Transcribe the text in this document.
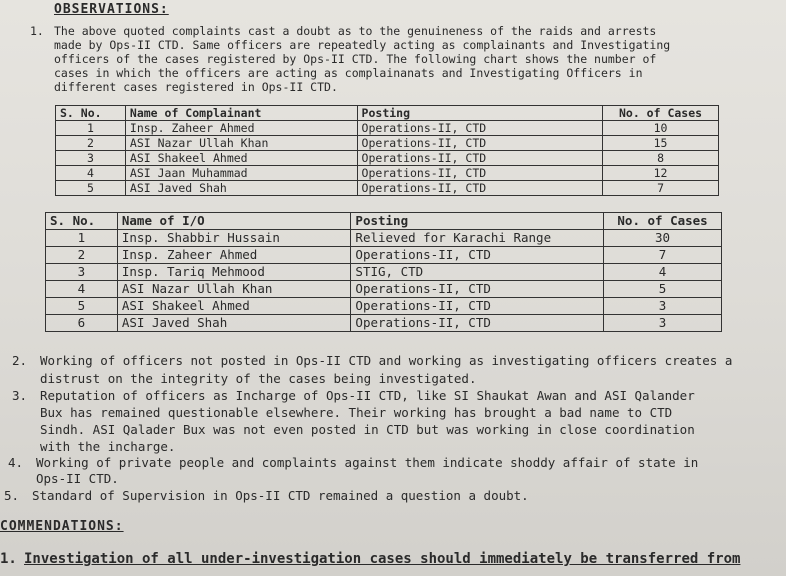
OBSERVATIONS:
1. The above quoted complaints cast a doubt as to the genuineness of the raids and arrests
made by Ops-II CTD. Same officers are repeatedly acting as complainants and Investigating
officers of the cases registered by Ops-II CTD. The following chart shows the number of
cases in which the officers are acting as complainanats and Investigating Officers in
different cases registered in Ops-II CTD.
S. No.	Name of Complainant	Posting	No. of Cases
1	Insp. Zaheer Ahmed	Operations-II, CTD	10
2	ASI Nazar Ullah Khan	Operations-II, CTD	15
3	ASI Shakeel Ahmed	Operations-II, CTD	8
4	ASI Jaan Muhammad	Operations-II, CTD	12
5	ASI Javed Shah	Operations-II, CTD	7
S. No.	Name of I/O	Posting	No. of Cases
1	Insp. Shabbir Hussain	Relieved for Karachi Range	30
2	Insp. Zaheer Ahmed	Operations-II, CTD	7
3	Insp. Tariq Mehmood	STIG, CTD	4
4	ASI Nazar Ullah Khan	Operations-II, CTD	5
5	ASI Shakeel Ahmed	Operations-II, CTD	3
6	ASI Javed Shah	Operations-II, CTD	3
2. Working of officers not posted in Ops-II CTD and working as investigating officers creates a
distrust on the integrity of the cases being investigated.
3. Reputation of officers as Incharge of Ops-II CTD, like SI Shaukat Awan and ASI Qalander
Bux has remained questionable elsewhere. Their working has brought a bad name to CTD
Sindh. ASI Qalader Bux was not even posted in CTD but was working in close coordination
with the incharge.
4. Working of private people and complaints against them indicate shoddy affair of state in
Ops-II CTD.
5. Standard of Supervision in Ops-II CTD remained a question a doubt.
COMMENDATIONS:
1. Investigation of all under-investigation cases should immediately be transferred from
